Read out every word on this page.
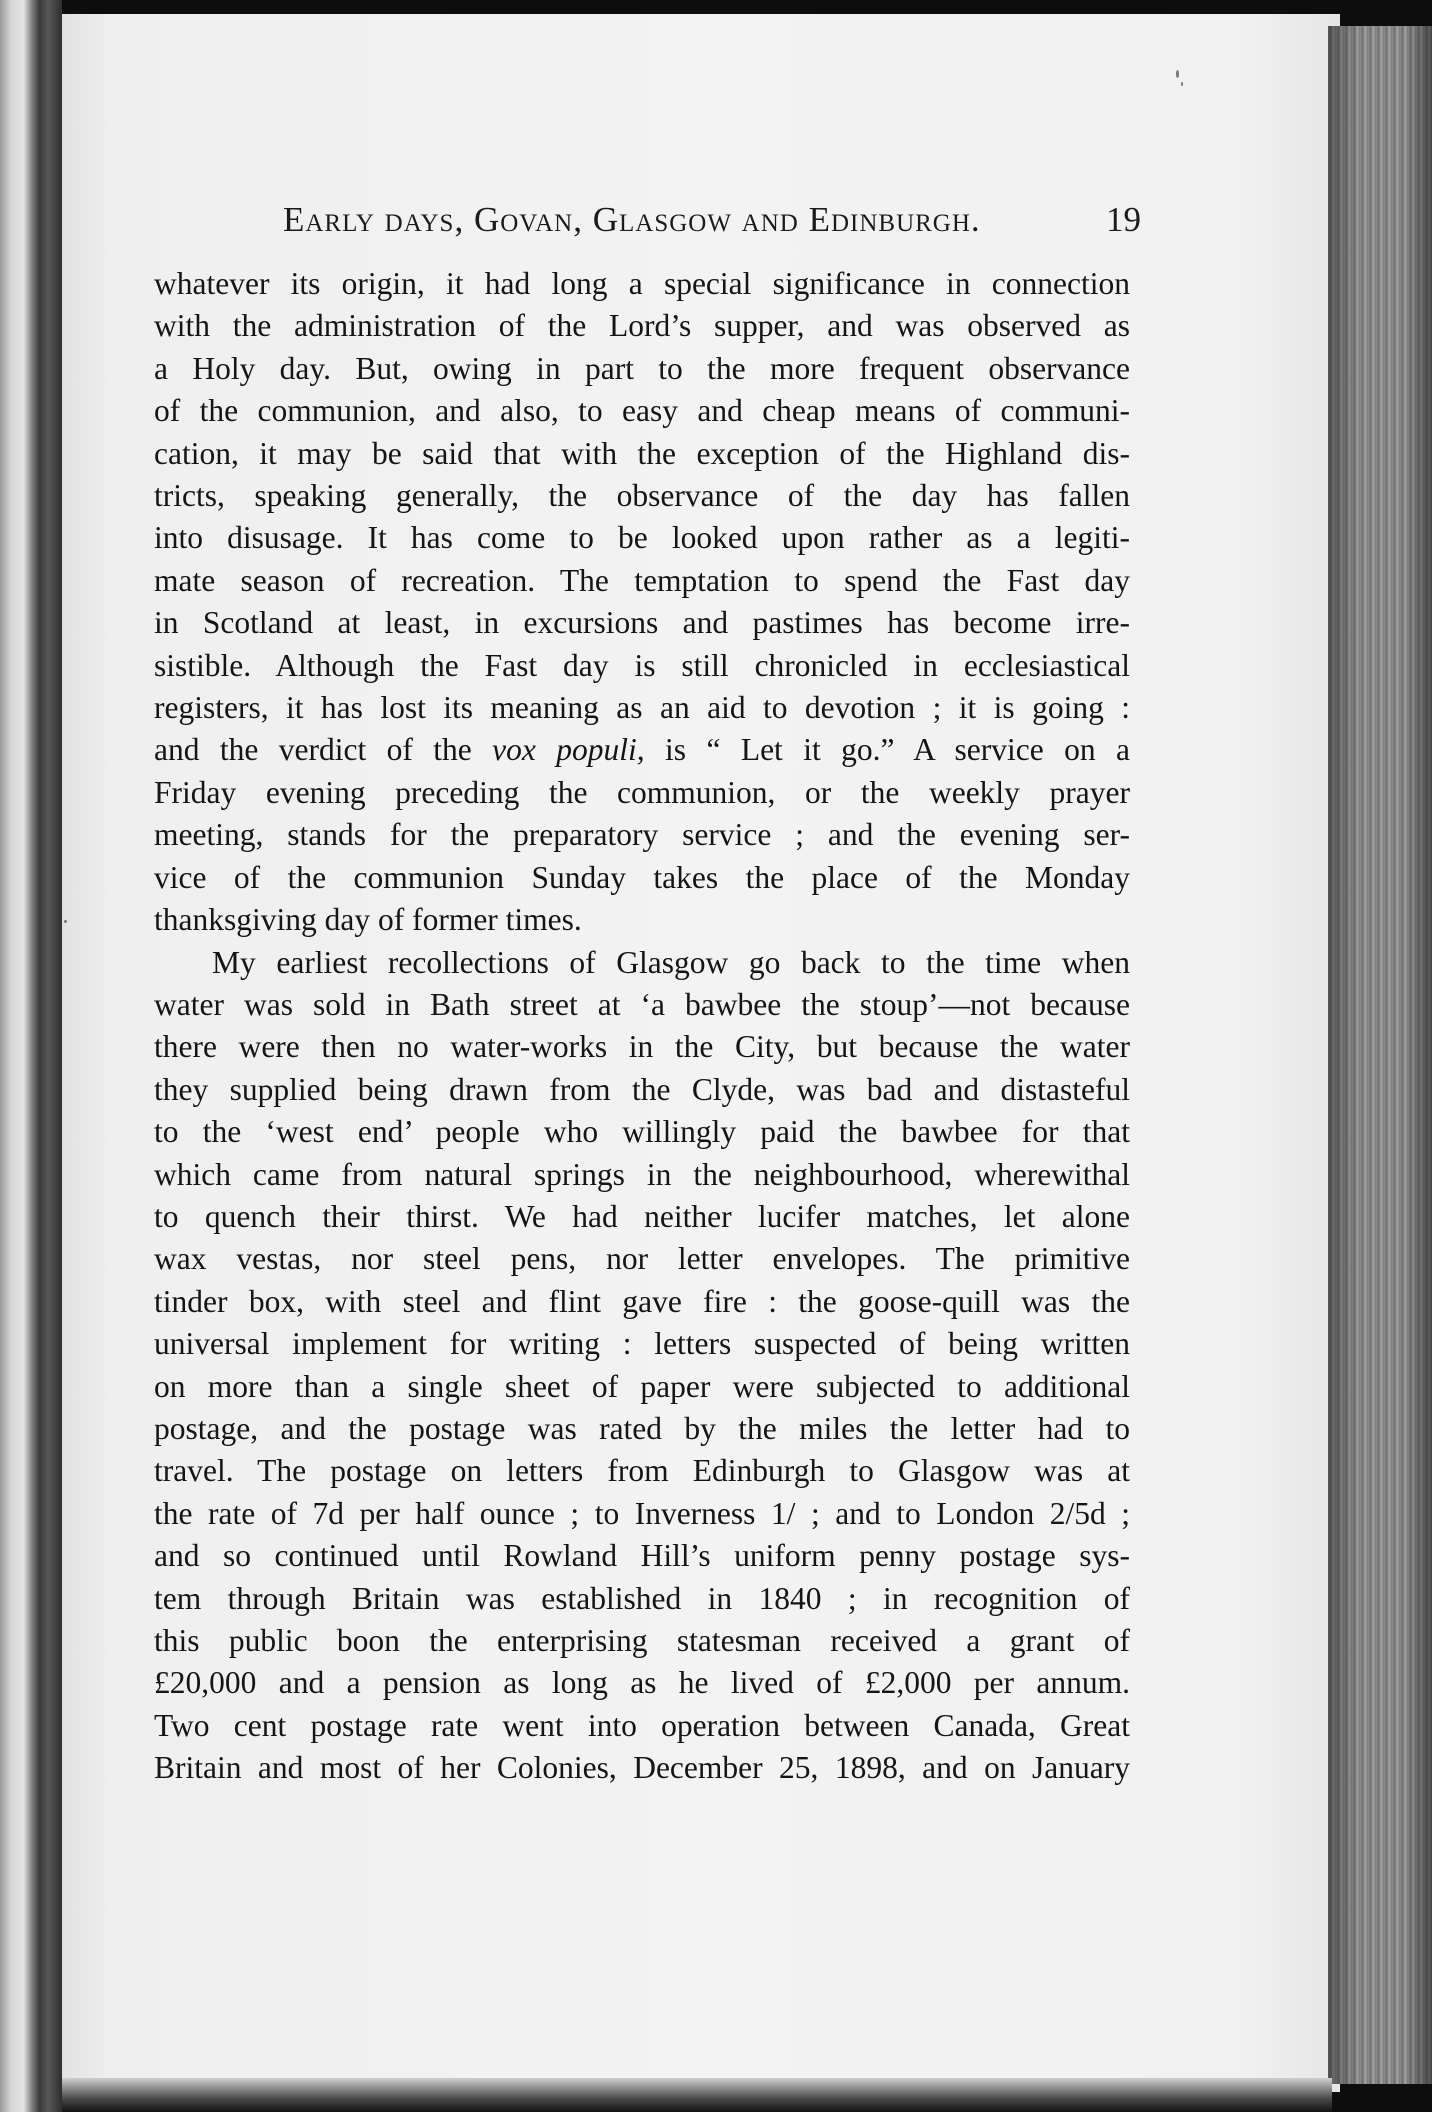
Early days, Govan, Glasgow and Edinburgh.	19
whatever its origin, it had long a special significance in connection
with the administration of the Lord’s supper, and was observed as
a Holy day. But, owing in part to the more frequent observance
of the communion, and also, to easy and cheap means of communi-
cation, it may be said that with the exception of the Highland dis-
tricts, speaking generally, the observance of the day has fallen
into disusage. It has come to be looked upon rather as a legiti-
mate season of recreation. The temptation to spend the Fast day
in Scotland at least, in excursions and pastimes has become irre-
sistible. Although the Fast day is still chronicled in ecclesiastical
registers, it has lost its meaning as an aid to devotion ; it is going :
and the verdict of the vox populi, is “ Let it go.” A service on a
Friday evening preceding the communion, or the weekly prayer
meeting, stands for the preparatory service ; and the evening ser-
vice of the communion Sunday takes the place of the Monday
thanksgiving day of former times.
My earliest recollections of Glasgow go back to the time when
water was sold in Bath street at ‘a bawbee the stoup’—not because
there were then no water-works in the City, but because the water
they supplied being drawn from the Clyde, was bad and distasteful
to the ‘west end’ people who willingly paid the bawbee for that
which came from natural springs in the neighbourhood, wherewithal
to quench their thirst. We had neither lucifer matches, let alone
wax vestas, nor steel pens, nor letter envelopes. The primitive
tinder box, with steel and flint gave fire : the goose-quill was the
universal implement for writing : letters suspected of being written
on more than a single sheet of paper were subjected to additional
postage, and the postage was rated by the miles the letter had to
travel. The postage on letters from Edinburgh to Glasgow was at
the rate of 7d per half ounce ; to Inverness 1/ ; and to London 2/5d ;
and so continued until Rowland Hill’s uniform penny postage sys-
tem through Britain was established in 1840 ; in recognition of
this public boon the enterprising statesman received a grant of
£20,000 and a pension as long as he lived of £2,000 per annum.
Two cent postage rate went into operation between Canada, Great
Britain and most of her Colonies, December 25, 1898, and on January
